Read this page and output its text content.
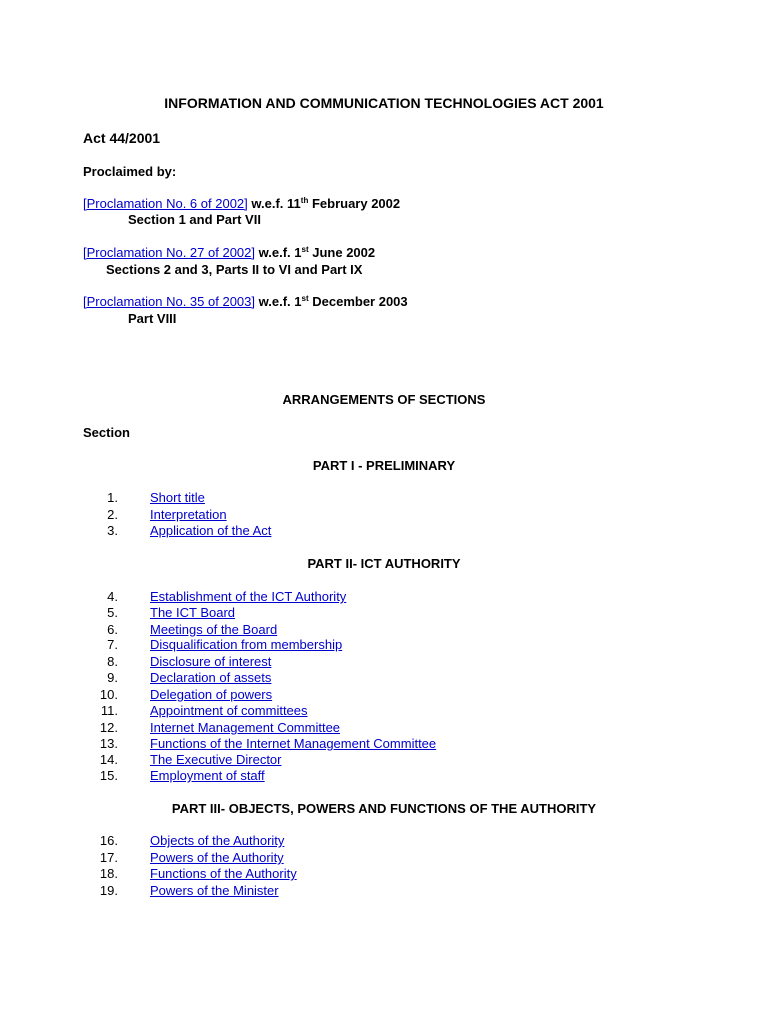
INFORMATION AND COMMUNICATION TECHNOLOGIES ACT 2001
Act 44/2001
Proclaimed by:
[Proclamation No. 6 of 2002] w.e.f. 11th February 2002
Section 1 and Part VII
[Proclamation No. 27 of 2002] w.e.f. 1st June 2002
Sections 2 and 3, Parts II to VI and Part IX
[Proclamation No. 35 of 2003] w.e.f. 1st December 2003
Part VIII
ARRANGEMENTS OF SECTIONS
Section
PART I - PRELIMINARY
1. Short title
2. Interpretation
3. Application of the Act
PART II- ICT AUTHORITY
4. Establishment of the ICT Authority
5. The ICT Board
6. Meetings of the Board
7. Disqualification from membership
8. Disclosure of interest
9. Declaration of assets
10. Delegation of powers
11. Appointment of committees
12. Internet Management Committee
13. Functions of the Internet Management Committee
14. The Executive Director
15. Employment of staff
PART III- OBJECTS, POWERS AND FUNCTIONS OF THE AUTHORITY
16. Objects of the Authority
17. Powers of the Authority
18. Functions of the Authority
19. Powers of the Minister
